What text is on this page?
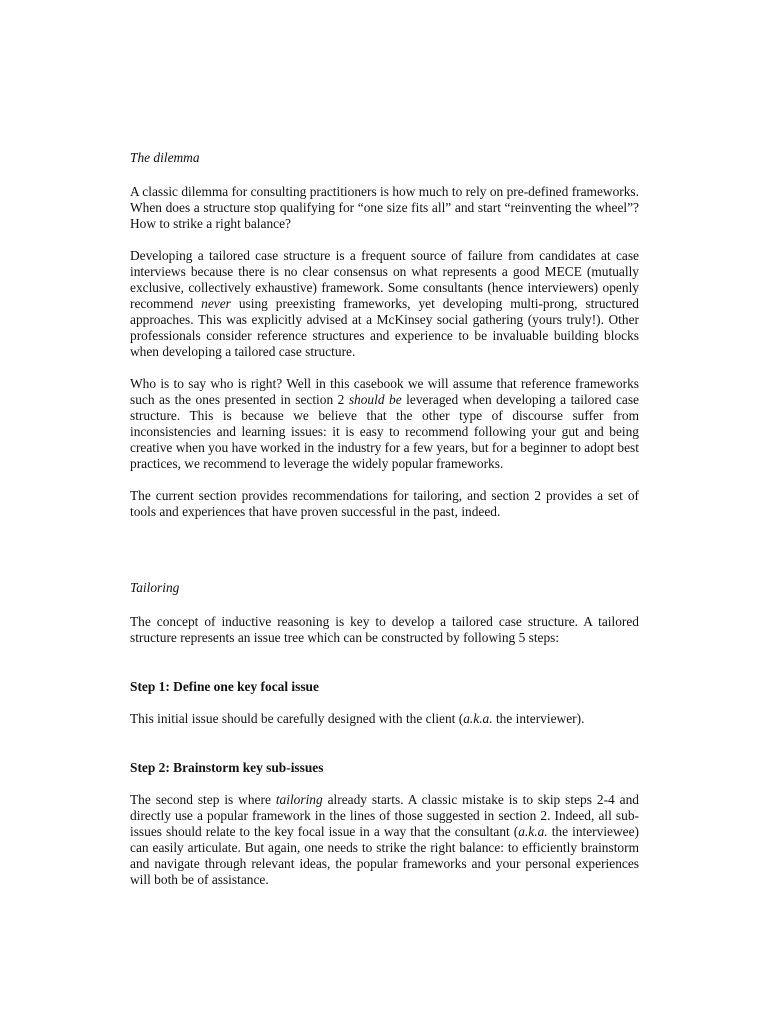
The dilemma

A classic dilemma for consulting practitioners is how much to rely on pre-defined frameworks. When does a structure stop qualifying for “one size fits all” and start “reinventing the wheel”? How to strike a right balance?

Developing a tailored case structure is a frequent source of failure from candidates at case interviews because there is no clear consensus on what represents a good MECE (mutually exclusive, collectively exhaustive) framework. Some consultants (hence interviewers) openly recommend never using preexisting frameworks, yet developing multi-prong, structured approaches. This was explicitly advised at a McKinsey social gathering (yours truly!). Other professionals consider reference structures and experience to be invaluable building blocks when developing a tailored case structure.

Who is to say who is right? Well in this casebook we will assume that reference frameworks such as the ones presented in section 2 should be leveraged when developing a tailored case structure. This is because we believe that the other type of discourse suffer from inconsistencies and learning issues: it is easy to recommend following your gut and being creative when you have worked in the industry for a few years, but for a beginner to adopt best practices, we recommend to leverage the widely popular frameworks.

The current section provides recommendations for tailoring, and section 2 provides a set of tools and experiences that have proven successful in the past, indeed.

Tailoring

The concept of inductive reasoning is key to develop a tailored case structure. A tailored structure represents an issue tree which can be constructed by following 5 steps:

Step 1: Define one key focal issue

This initial issue should be carefully designed with the client (a.k.a. the interviewer).

Step 2: Brainstorm key sub-issues

The second step is where tailoring already starts. A classic mistake is to skip steps 2-4 and directly use a popular framework in the lines of those suggested in section 2. Indeed, all sub-issues should relate to the key focal issue in a way that the consultant (a.k.a. the interviewee) can easily articulate. But again, one needs to strike the right balance: to efficiently brainstorm and navigate through relevant ideas, the popular frameworks and your personal experiences will both be of assistance.
